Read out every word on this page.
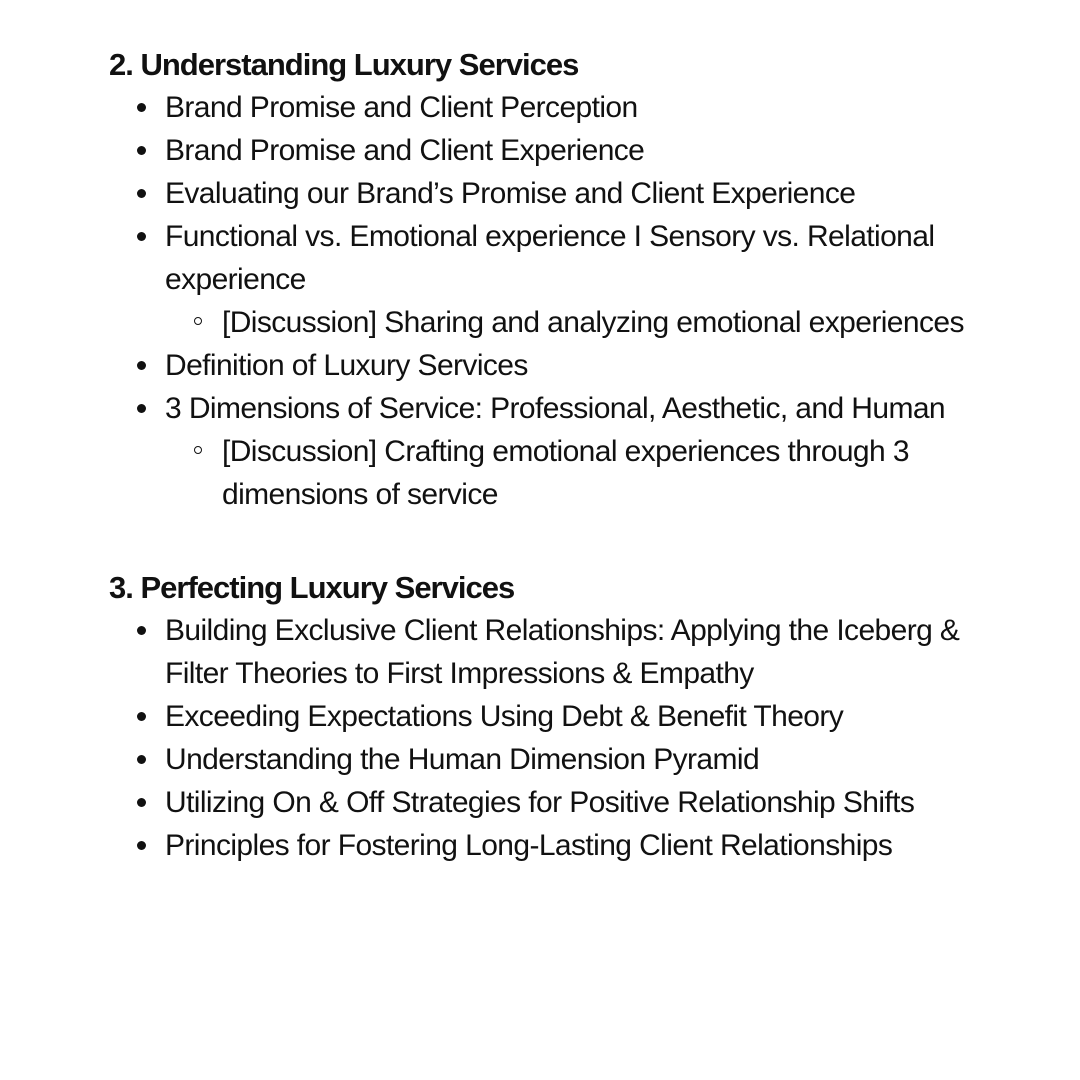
2. Understanding Luxury Services
Brand Promise and Client Perception
Brand Promise and Client Experience
Evaluating our Brand’s Promise and Client Experience
Functional vs. Emotional experience I Sensory vs. Relational experience
[Discussion] Sharing and analyzing emotional experiences
Definition of Luxury Services
3 Dimensions of Service: Professional, Aesthetic, and Human
[Discussion] Crafting emotional experiences through 3 dimensions of service
3. Perfecting Luxury Services
Building Exclusive Client Relationships: Applying the Iceberg & Filter Theories to First Impressions & Empathy
Exceeding Expectations Using Debt & Benefit Theory
Understanding the Human Dimension Pyramid
Utilizing On & Off Strategies for Positive Relationship Shifts
Principles for Fostering Long-Lasting Client Relationships
